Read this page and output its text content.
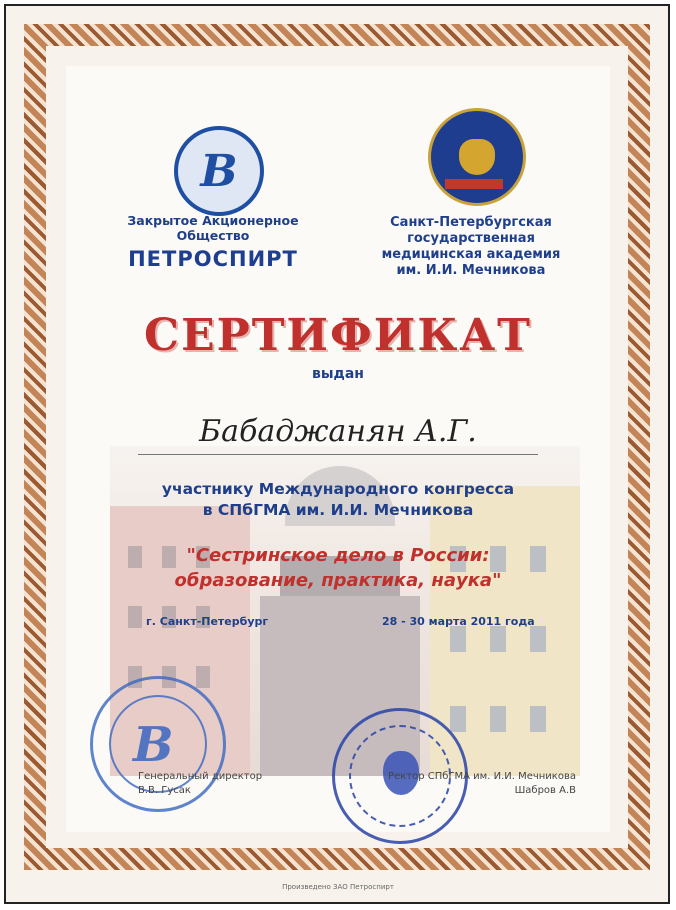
B
Закрытое Акционерное
Общество
ПЕТРОСПИРТ
Санкт-Петербургская
государственная
медицинская академия
им. И.И. Мечникова
СЕРТИФИКАТ
выдан
Бабаджанян А.Г.
участнику Международного конгресса
в СПбГМА им. И.И. Мечникова
"Сестринское дело в России:
образование, практика, наука"
г. Санкт-Петербург	28 - 30 марта 2011 года
B
Генеральный директор
В.В. Гусак
Ректор СПбГМА им. И.И. Мечникова
Шабров А.В
Произведено ЗАО Петроспирт
